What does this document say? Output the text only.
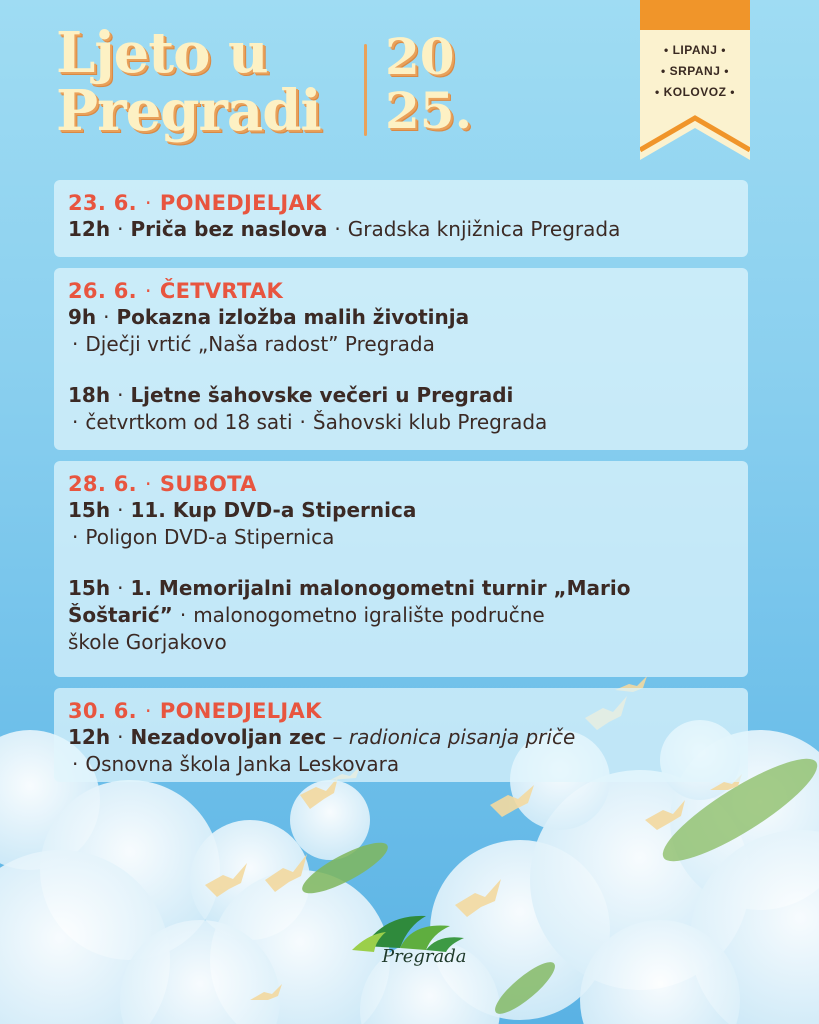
Ljeto u
Pregradi
20
25.
• LIPANJ •
• SRPANJ •
• KOLOVOZ •
23. 6. · PONEDJELJAK
12h · Priča bez naslova · Gradska knjižnica Pregrada
26. 6. · ČETVRTAK
9h · Pokazna izložba malih životinja
· Dječji vrtić „Naša radost” Pregrada
18h · Ljetne šahovske večeri u Pregradi
· četvrtkom od 18 sati · Šahovski klub Pregrada
28. 6. · SUBOTA
15h · 11. Kup DVD-a Stipernica
· Poligon DVD-a Stipernica
15h · 1. Memorijalni malonogometni turnir „Mario
Šoštarić” · malonogometno igralište područne
škole Gorjakovo
30. 6. · PONEDJELJAK
12h · Nezadovoljan zec – radionica pisanja priče
· Osnovna škola Janka Leskovara
Pregrada
